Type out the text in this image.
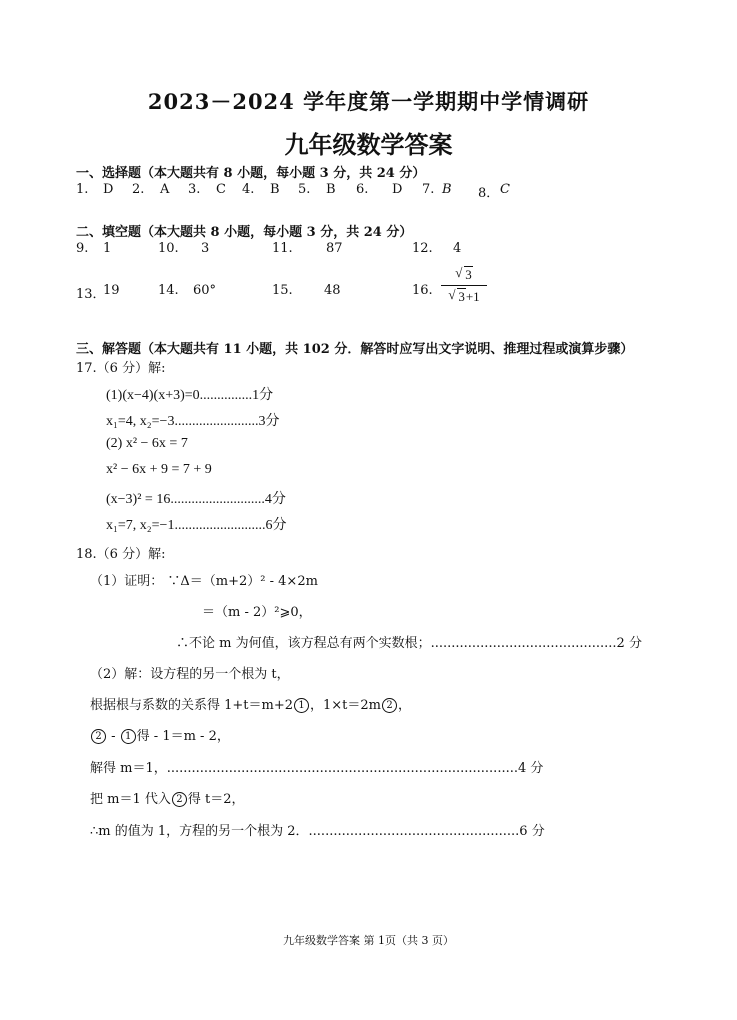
2023－2024 学年度第一学期期中学情调研
九年级数学答案
一、选择题（本大题共有 8 小题，每小题 3 分，共 24 分）
1. D 2. A 3. C 4. B 5. B 6. D 7. B 8． C
二、填空题（本大题共 8 小题，每小题 3 分，共 24 分）
9. 1	10. 3	11.	87	12. 4
13．
19	14. 60°	15. 48	16.
√ 3
√ 3+1
三、解答题（本大题共有 11 小题，共 102 分．解答时应写出文字说明、推理过程或演算步骤）
17.（6 分）解:
(1)(x−4)(x+3)=0...............1分
x₁=4, x₂=−3........................3分
(2) x² − 6x = 7
x² − 6x + 9 = 7 + 9
(x−3)² = 16...........................4分
x₁=7, x₂=−1..........................6分
18.（6 分）解:
（1）证明： ∵Δ＝（m+2）² - 4×2m
＝（m - 2）²⩾0，
∴不论 m 为何值，该方程总有两个实数根；.............................................2 分
（2）解：设方程的另一个根为 t，
根据根与系数的关系得 1+t＝m+2 1 ，1×t＝2m 2 ，
2 - 1 得 - 1＝m - 2，
解得 m＝1，.....................................................................................4 分
把 m＝1 代入 2 得 t＝2，
∴m 的值为 1，方程的另一个根为 2．...................................................6 分
九年级数学答案 第 1页（共 3 页）
